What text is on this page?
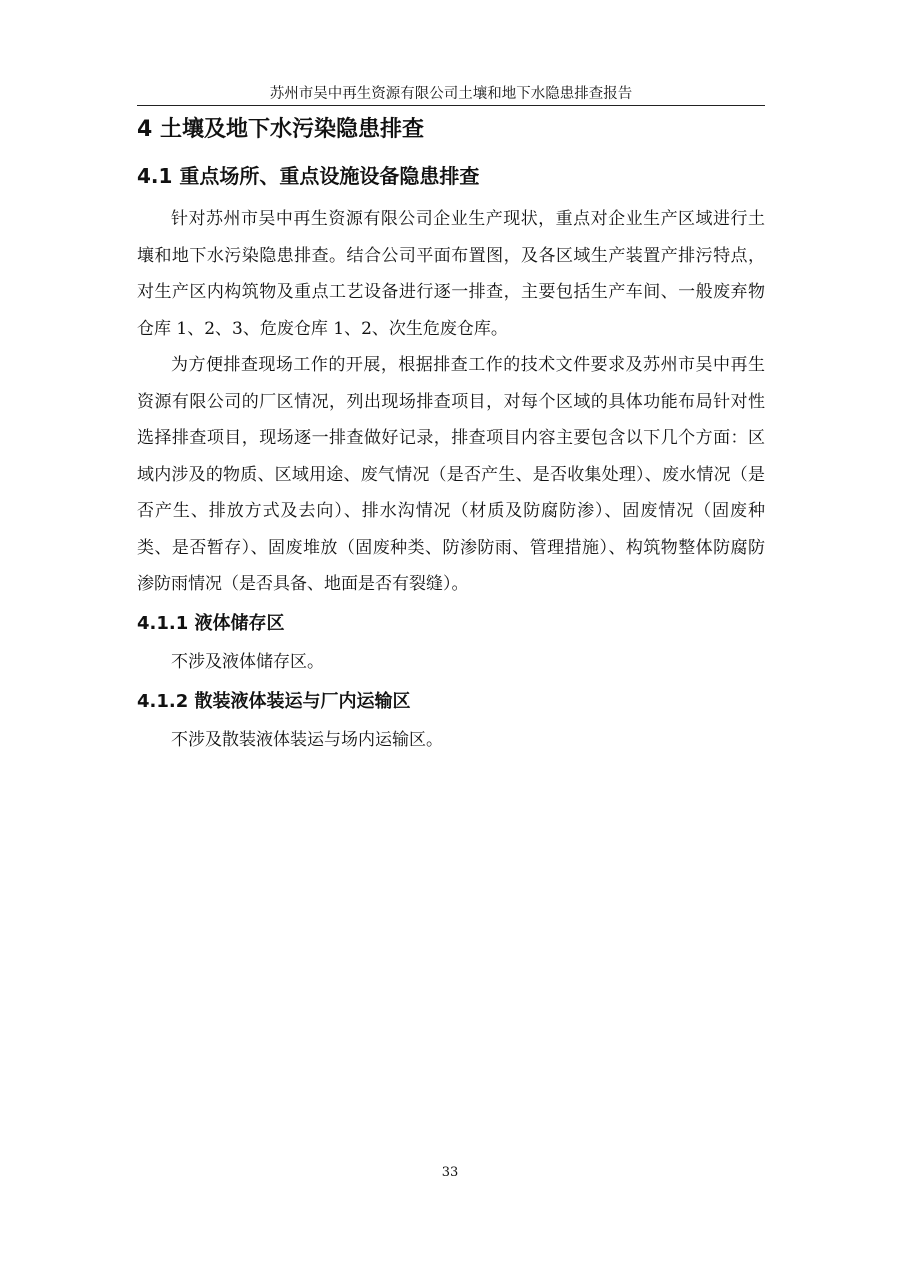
苏州市吴中再生资源有限公司土壤和地下水隐患排查报告
4 土壤及地下水污染隐患排查
4.1 重点场所、重点设施设备隐患排查

针对苏州市吴中再生资源有限公司企业生产现状，重点对企业生产区域进行土壤和地下水污染隐患排查。结合公司平面布置图，及各区域生产装置产排污特点，对生产区内构筑物及重点工艺设备进行逐一排查，主要包括生产车间、一般废弃物仓库 1、2、3、危废仓库 1、2、次生危废仓库。

为方便排查现场工作的开展，根据排查工作的技术文件要求及苏州市吴中再生资源有限公司的厂区情况，列出现场排查项目，对每个区域的具体功能布局针对性选择排查项目，现场逐一排查做好记录，排查项目内容主要包含以下几个方面：区域内涉及的物质、区域用途、废气情况（是否产生、是否收集处理）、废水情况（是否产生、排放方式及去向）、排水沟情况（材质及防腐防渗）、固废情况（固废种类、是否暂存）、固废堆放（固废种类、防渗防雨、管理措施）、构筑物整体防腐防渗防雨情况（是否具备、地面是否有裂缝）。

4.1.1 液体储存区

不涉及液体储存区。

4.1.2 散装液体装运与厂内运输区

不涉及散装液体装运与场内运输区。

33
